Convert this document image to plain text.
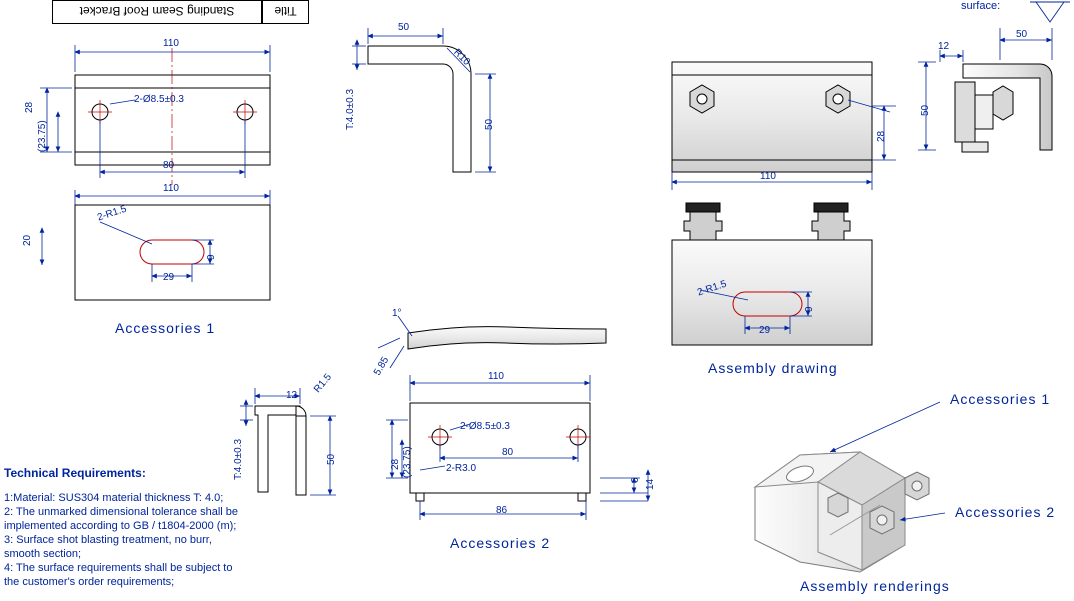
Title
Standing Seam Roof Bracket	surface:
110
2-Ø8.5±0.3
80
28
(23.75)
110
20
2-R1.5
29
9
50
R10
T:4.0±0.3	50
Accessories 1
110
28
12
50
50
2-R1.5
29
9
Assembly drawing
1°
5.85
12
R1.5
T:4.0±0.3	50
110
2-Ø8.5±0.3
80
28 (23.75)	2-R3.0
6 14
86
Accessories 2
Assembly renderings
Accessories 1
Accessories 2
Technical Requirements:
1:Material: SUS304 material thickness T: 4.0;
2: The unmarked dimensional tolerance shall be
implemented according to GB / t1804-2000 (m);
3: Surface shot blasting treatment, no burr,
smooth section;
4: The surface requirements shall be subject to
the customer's order requirements;
